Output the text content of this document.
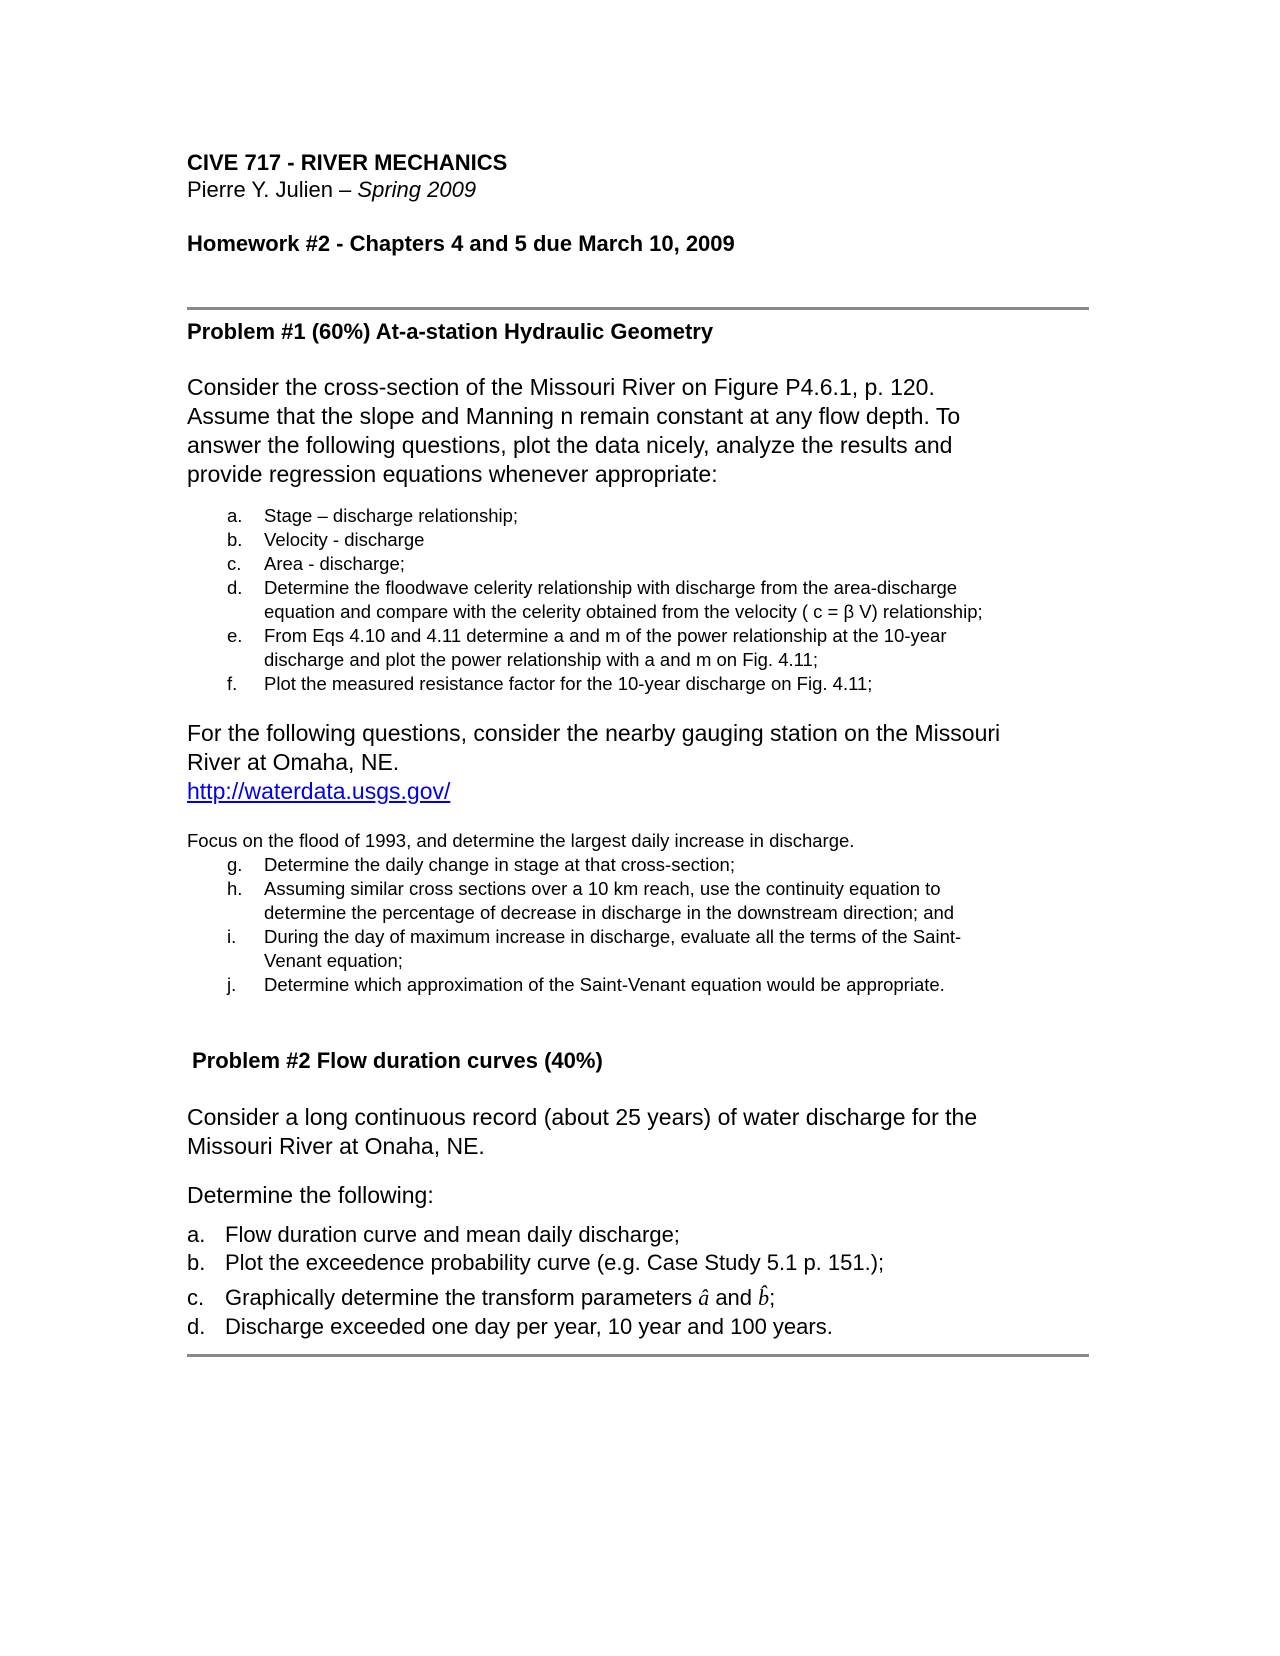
CIVE 717 - RIVER MECHANICS
Pierre Y. Julien – Spring 2009
Homework #2 - Chapters 4 and 5 due March 10, 2009
Problem #1 (60%) At-a-station Hydraulic Geometry
Consider the cross-section of the Missouri River on Figure P4.6.1, p. 120.
Assume that the slope and Manning n remain constant at any flow depth. To
answer the following questions, plot the data nicely, analyze the results and
provide regression equations whenever appropriate:
a. Stage – discharge relationship;
b. Velocity - discharge
c. Area - discharge;
d. Determine the floodwave celerity relationship with discharge from the area-discharge
equation and compare with the celerity obtained from the velocity ( c = β V) relationship;
e. From Eqs 4.10 and 4.11 determine a and m of the power relationship at the 10-year
discharge and plot the power relationship with a and m on Fig. 4.11;
f. Plot the measured resistance factor for the 10-year discharge on Fig. 4.11;
For the following questions, consider the nearby gauging station on the Missouri
River at Omaha, NE.
http://waterdata.usgs.gov/
Focus on the flood of 1993, and determine the largest daily increase in discharge.
g. Determine the daily change in stage at that cross-section;
h. Assuming similar cross sections over a 10 km reach, use the continuity equation to
determine the percentage of decrease in discharge in the downstream direction; and
i. During the day of maximum increase in discharge, evaluate all the terms of the Saint-
Venant equation;
j. Determine which approximation of the Saint-Venant equation would be appropriate.
Problem #2 Flow duration curves (40%)
Consider a long continuous record (about 25 years) of water discharge for the
Missouri River at Onaha, NE.
Determine the following:
a. Flow duration curve and mean daily discharge;
b. Plot the exceedence probability curve (e.g. Case Study 5.1 p. 151.);
c. Graphically determine the transform parameters â and b̂;
d. Discharge exceeded one day per year, 10 year and 100 years.
